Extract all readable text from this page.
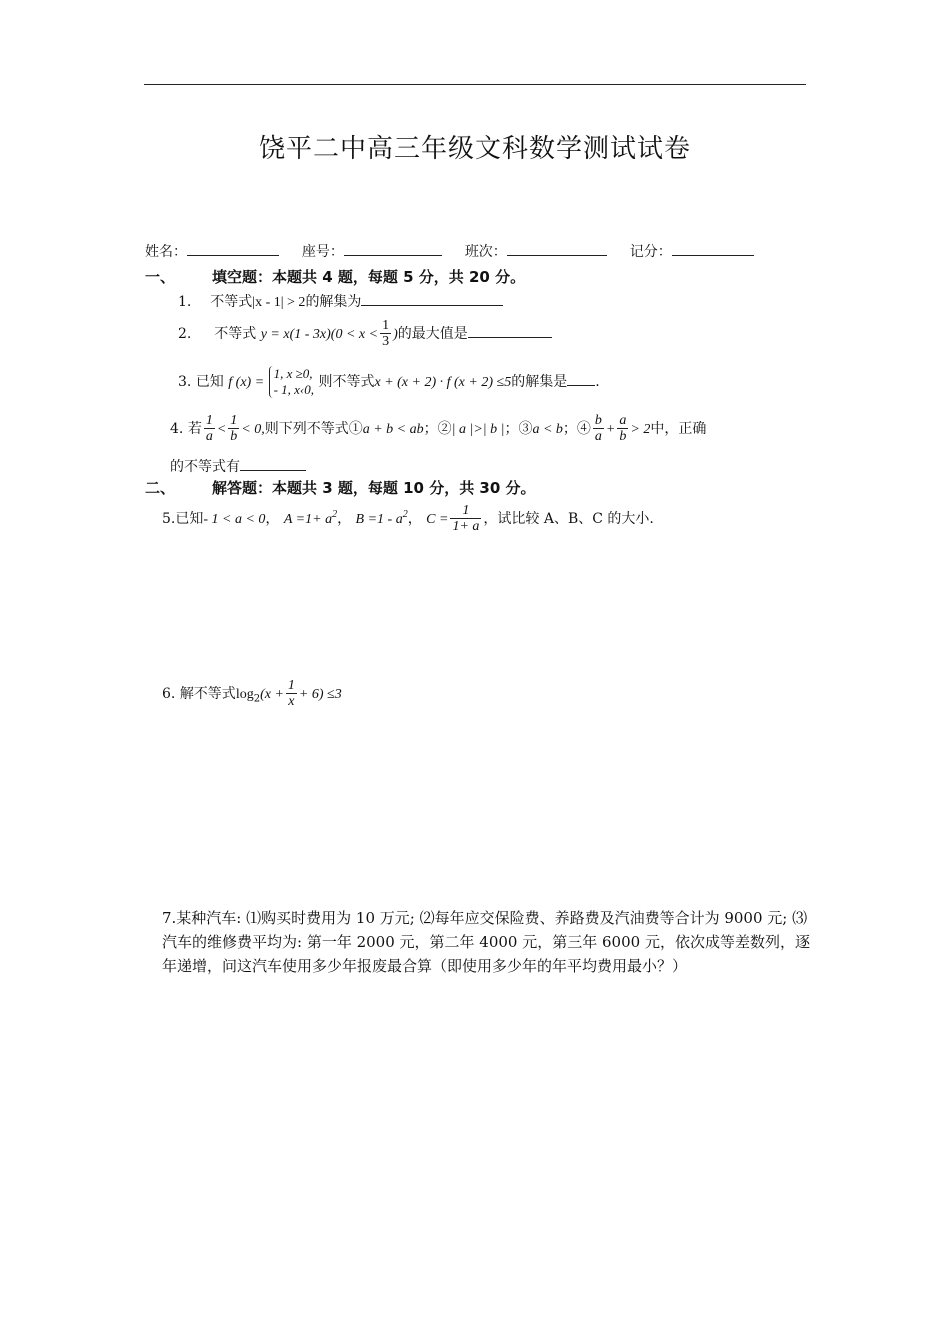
饶平二中高三年级文科数学测试试卷
姓名：	座号：	班次：	记分：
一、 填空题：本题共 4 题，每题 5 分，共 20 分。
1. 不等式|x - 1| > 2的解集为
2. 不等式 $y = x(1 - 3x)(0 < x < \frac{1}{3}$ )的最大值是
3. 已知 f (x) =
1, x ≥0,
- 1, x‹0, 则不等式x + (x + 2) · f (x + 2) ≤5的解集是 .
4. 若 $\frac{1}{a} < \frac{1}{b} < 0$,则下列不等式①a + b < ab；②| a |>| b |；③a < b；④ $\frac{b}{a} + \frac{a}{b} > 2$中，正确
的不等式有
二、 解答题：本题共 3 题，每题 10 分，共 30 分。
5.已知- 1 < a < 0， $A =1+ a^2$， $B =1 - a^2$， $C = \frac{1}{1+ a}$ ，试比较 A、B、C 的大小.
6. 解不等式$\log_2(x + \frac{1}{x} + 6) \le 3$
7.某种汽车: ⑴购买时费用为 10 万元; ⑵每年应交保险费、养路费及汽油费等合计为 9000 元; ⑶汽车的维修费平均为: 第一年 2000 元，第二年 4000 元，第三年 6000 元，依次成等差数列，逐年递增，问这汽车使用多少年报废最合算（即使用多少年的年平均费用最小？）
